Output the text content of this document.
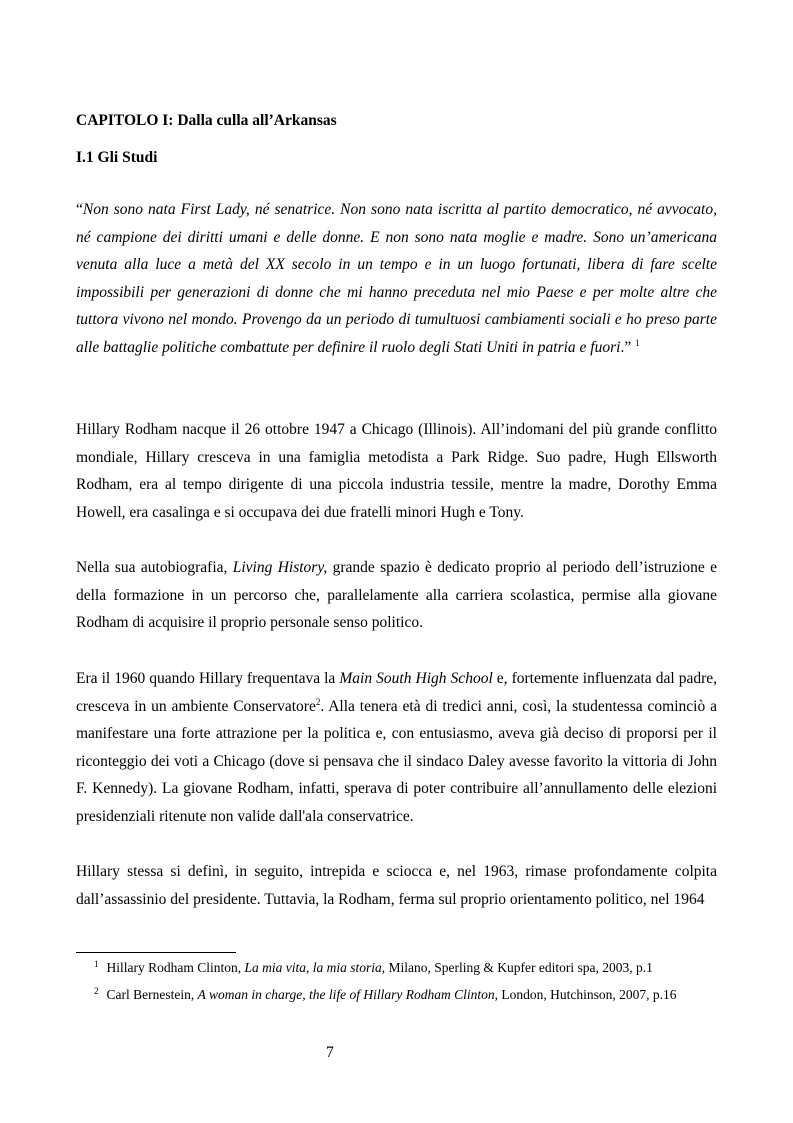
CAPITOLO I: Dalla culla all’Arkansas
I.1 Gli Studi

“Non sono nata First Lady, né senatrice. Non sono nata iscritta al partito democratico, né avvocato, né campione dei diritti umani e delle donne. E non sono nata moglie e madre. Sono un’americana venuta alla luce a metà del XX secolo in un tempo e in un luogo fortunati, libera di fare scelte impossibili per generazioni di donne che mi hanno preceduta nel mio Paese e per molte altre che tuttora vivono nel mondo. Provengo da un periodo di tumultuosi cambiamenti sociali e ho preso parte alle battaglie politiche combattute per definire il ruolo degli Stati Uniti in patria e fuori.” $^1$

Hillary Rodham nacque il 26 ottobre 1947 a Chicago (Illinois). All’indomani del più grande conflitto mondiale, Hillary cresceva in una famiglia metodista a Park Ridge. Suo padre, Hugh Ellsworth Rodham, era al tempo dirigente di una piccola industria tessile, mentre la madre, Dorothy Emma Howell, era casalinga e si occupava dei due fratelli minori Hugh e Tony.

Nella sua autobiografia, Living History, grande spazio è dedicato proprio al periodo dell’istruzione e della formazione in un percorso che, parallelamente alla carriera scolastica, permise alla giovane Rodham di acquisire il proprio personale senso politico.

Era il 1960 quando Hillary frequentava la Main South High School e, fortemente influenzata dal padre, cresceva in un ambiente Conservatore$^2$. Alla tenera età di tredici anni, così, la studentessa cominciò a manifestare una forte attrazione per la politica e, con entusiasmo, aveva già deciso di proporsi per il riconteggio dei voti a Chicago (dove si pensava che il sindaco Daley avesse favorito la vittoria di John F. Kennedy). La giovane Rodham, infatti, sperava di poter contribuire all’annullamento delle elezioni presidenziali ritenute non valide dall'ala conservatrice.

Hillary stessa si definì, in seguito, intrepida e sciocca e, nel 1963, rimase profondamente colpita dall’assassinio del presidente. Tuttavia, la Rodham, ferma sul proprio orientamento politico, nel 1964

$^1$ Hillary Rodham Clinton, La mia vita, la mia storia, Milano, Sperling & Kupfer editori spa, 2003, p.1

$^2$ Carl Bernestein, A woman in charge, the life of Hillary Rodham Clinton, London, Hutchinson, 2007, p.16

7
